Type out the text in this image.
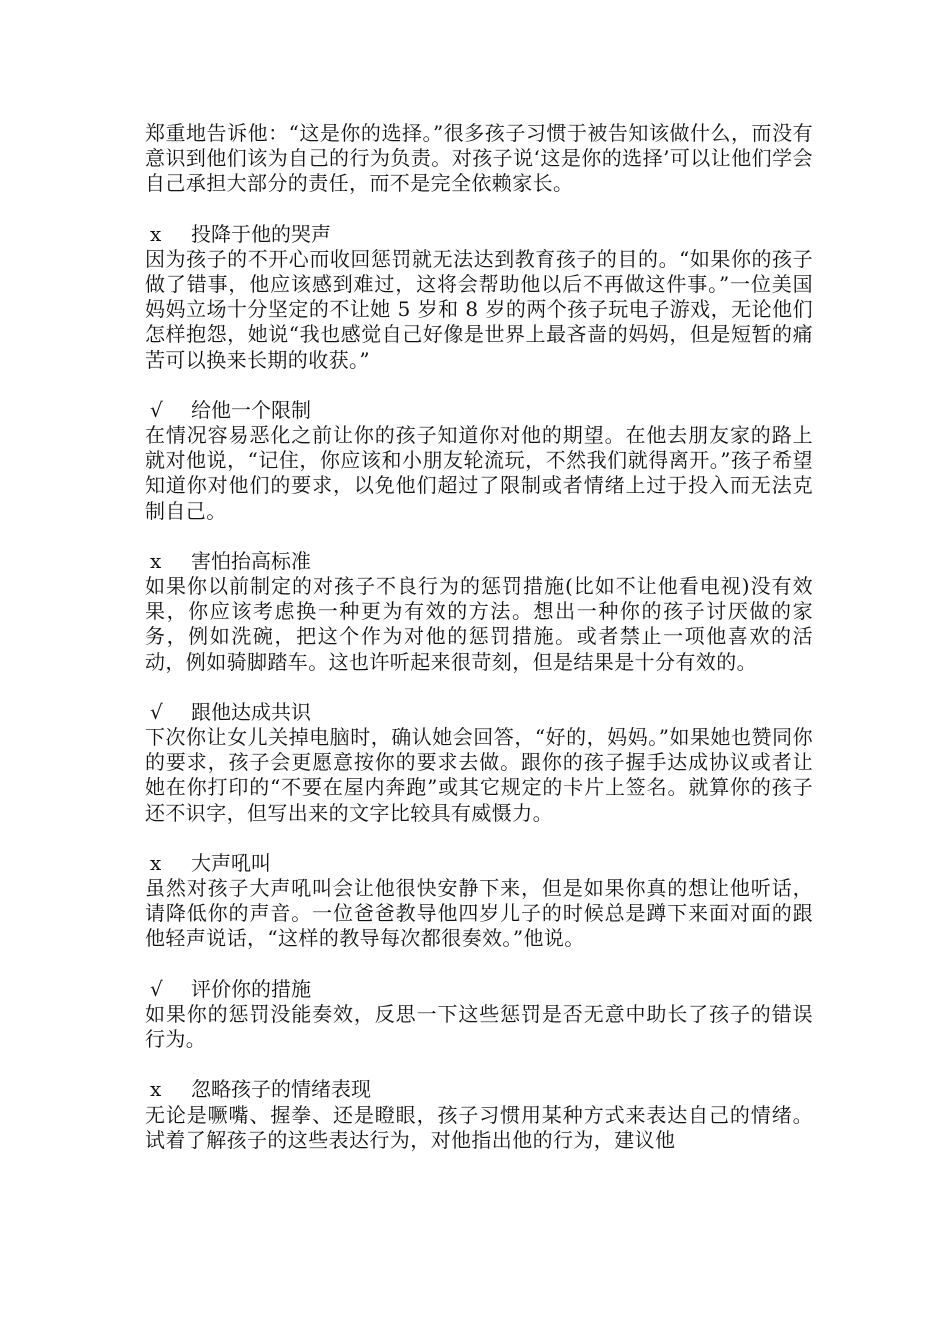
郑重地告诉他：“这是你的选择。”很多孩子习惯于被告知该做什么，而没有意识到他们该为自己的行为负责。对孩子说‘这是你的选择’可以让他们学会自己承担大部分的责任，而不是完全依赖家长。

x	投降于他的哭声

因为孩子的不开心而收回惩罚就无法达到教育孩子的目的。“如果你的孩子做了错事，他应该感到难过，这将会帮助他以后不再做这件事。”一位美国妈妈立场十分坚定的不让她 5 岁和 8 岁的两个孩子玩电子游戏，无论他们怎样抱怨，她说“我也感觉自己好像是世界上最吝啬的妈妈，但是短暂的痛苦可以换来长期的收获。”

√	给他一个限制

在情况容易恶化之前让你的孩子知道你对他的期望。在他去朋友家的路上就对他说，“记住，你应该和小朋友轮流玩，不然我们就得离开。”孩子希望知道你对他们的要求，以免他们超过了限制或者情绪上过于投入而无法克制自己。

x	害怕抬高标准

如果你以前制定的对孩子不良行为的惩罚措施(比如不让他看电视)没有效果，你应该考虑换一种更为有效的方法。想出一种你的孩子讨厌做的家务，例如洗碗，把这个作为对他的惩罚措施。或者禁止一项他喜欢的活动，例如骑脚踏车。这也许听起来很苛刻，但是结果是十分有效的。

√	跟他达成共识

下次你让女儿关掉电脑时，确认她会回答，“好的，妈妈。”如果她也赞同你的要求，孩子会更愿意按你的要求去做。跟你的孩子握手达成协议或者让她在你打印的“不要在屋内奔跑”或其它规定的卡片上签名。就算你的孩子还不识字，但写出来的文字比较具有威慑力。

x	大声吼叫

虽然对孩子大声吼叫会让他很快安静下来，但是如果你真的想让他听话，请降低你的声音。一位爸爸教导他四岁儿子的时候总是蹲下来面对面的跟他轻声说话，“这样的教导每次都很奏效。”他说。

√	评价你的措施

如果你的惩罚没能奏效，反思一下这些惩罚是否无意中助长了孩子的错误行为。

x	忽略孩子的情绪表现

无论是噘嘴、握拳、还是瞪眼，孩子习惯用某种方式来表达自己的情绪。试着了解孩子的这些表达行为，对他指出他的行为，建议他
